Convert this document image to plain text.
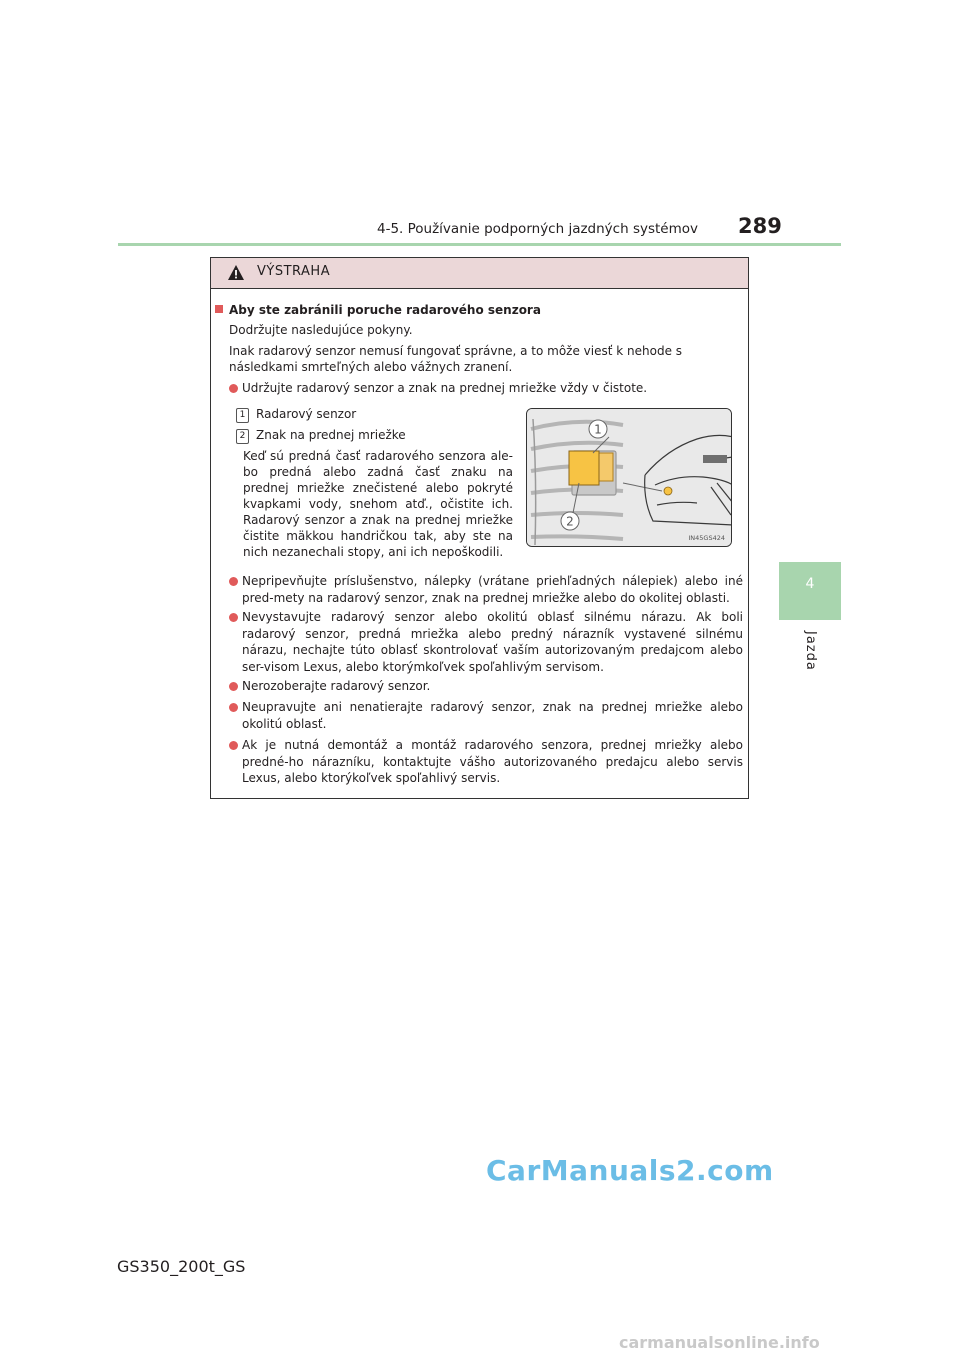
4-5. Používanie podporných jazdných systémov 289
4
Jazda
VÝSTRAHA
Aby ste zabránili poruche radarového senzora
Dodržujte nasledujúce pokyny.
Inak radarový senzor nemusí fungovať správne, a to môže viesť k nehode s následkami smrteľných alebo vážnych zranení.
Udržujte radarový senzor a znak na prednej mriežke vždy v čistote.
1 Radarový senzor
2 Znak na prednej mriežke
Keď sú predná časť radarového senzora ale-bo predná alebo zadná časť znaku na prednej mriežke znečistené alebo pokryté kvapkami vody, snehom atď., očistite ich. Radarový senzor a znak na prednej mriežke čistite mäkkou handričkou tak, aby ste na nich nezanechali stopy, ani ich nepoškodili.
1
2
IN45GS424
Nepripevňujte príslušenstvo, nálepky (vrátane priehľadných nálepiek) alebo iné pred-mety na radarový senzor, znak na prednej mriežke alebo do okolitej oblasti.
Nevystavujte radarový senzor alebo okolitú oblasť silnému nárazu. Ak boli radarový senzor, predná mriežka alebo predný nárazník vystavené silnému nárazu, nechajte túto oblasť skontrolovať vaším autorizovaným predajcom alebo ser-visom Lexus, alebo ktorýmkoľvek spoľahlivým servisom.
Nerozoberajte radarový senzor.
Neupravujte ani nenatierajte radarový senzor, znak na prednej mriežke alebo okolitú oblasť.
Ak je nutná demontáž a montáž radarového senzora, prednej mriežky alebo predné-ho nárazníku, kontaktujte vášho autorizovaného predajcu alebo servis Lexus, alebo ktorýkoľvek spoľahlivý servis.
GS350_200t_GS
CarManuals2.com
carmanualsonline.info
